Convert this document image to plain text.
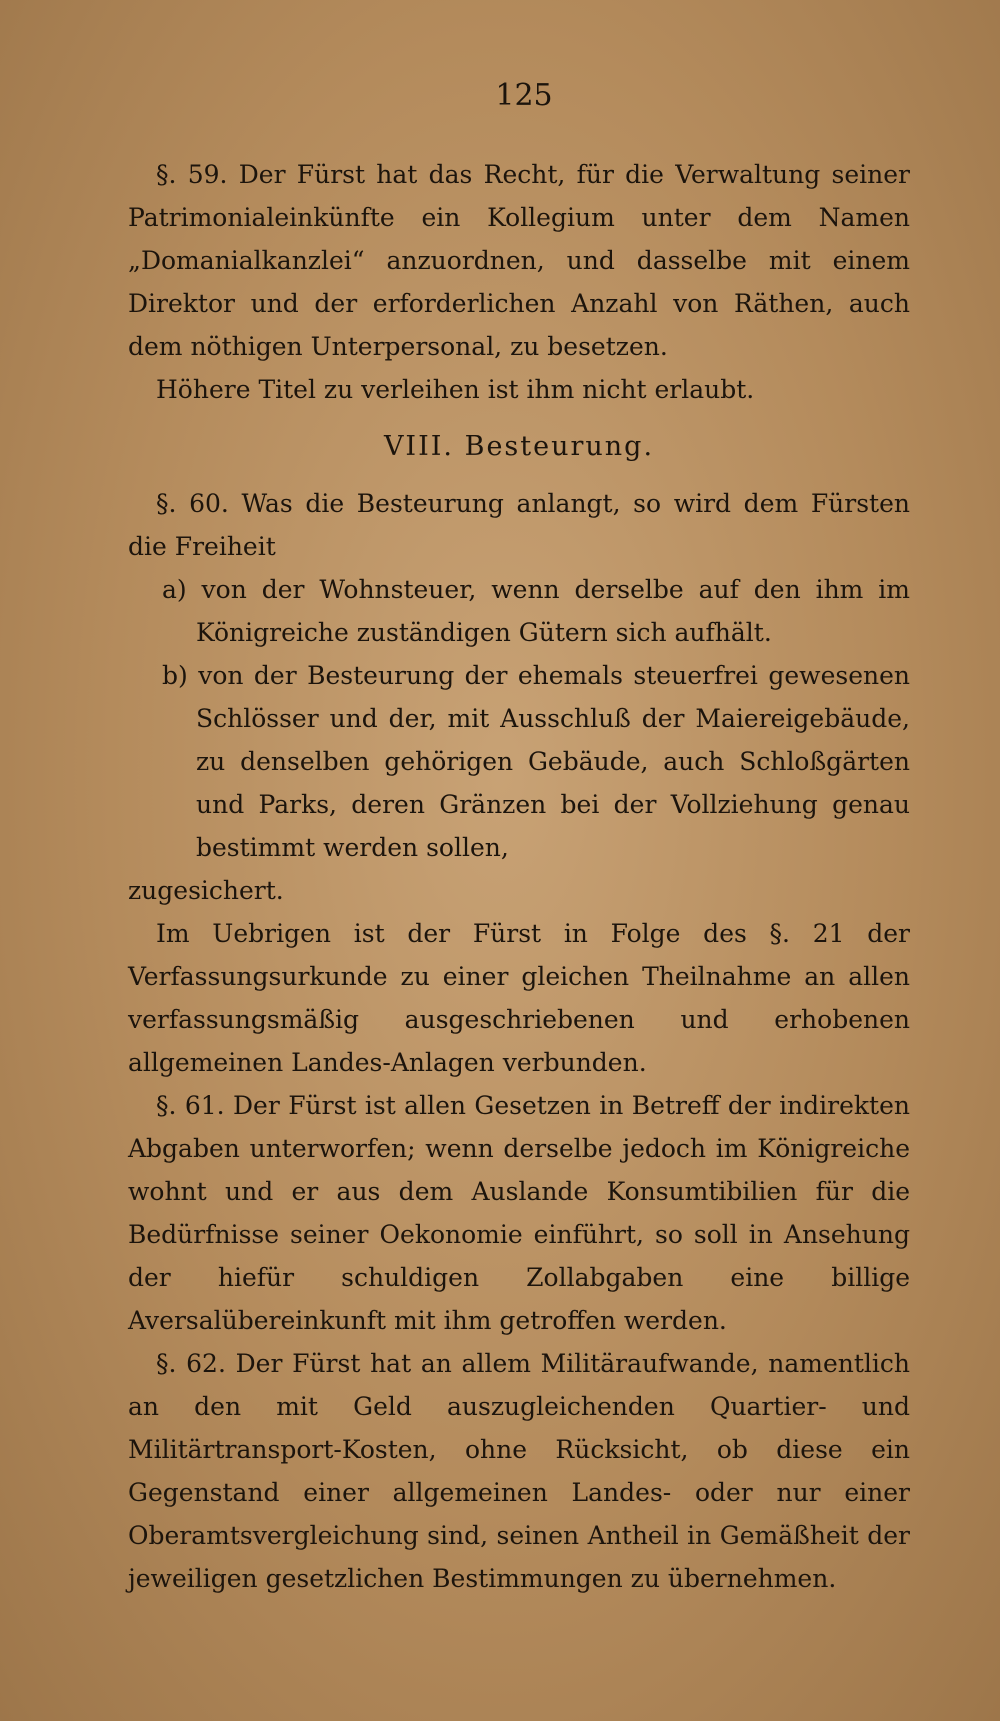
125

§. 59. Der Fürst hat das Recht, für die Verwaltung seiner Patrimonialeinkünfte ein Kollegium unter dem Namen „Domanialkanzlei“ anzuordnen, und dasselbe mit einem Direktor und der erforderlichen Anzahl von Räthen, auch dem nöthigen Unterpersonal, zu besetzen.

Höhere Titel zu verleihen ist ihm nicht erlaubt.

VIII. Besteurung.

§. 60. Was die Besteurung anlangt, so wird dem Fürsten die Freiheit

a) von der Wohnsteuer, wenn derselbe auf den ihm im Königreiche zuständigen Gütern sich aufhält.

b) von der Besteurung der ehemals steuerfrei gewesenen Schlösser und der, mit Ausschluß der Maiereigebäude, zu denselben gehörigen Gebäude, auch Schloßgärten und Parks, deren Gränzen bei der Vollziehung genau bestimmt werden sollen,

zugesichert.

Im Uebrigen ist der Fürst in Folge des §. 21 der Verfassungsurkunde zu einer gleichen Theilnahme an allen verfassungsmäßig ausgeschriebenen und erhobenen allgemeinen Landes-Anlagen verbunden.

§. 61. Der Fürst ist allen Gesetzen in Betreff der indirekten Abgaben unterworfen; wenn derselbe jedoch im Königreiche wohnt und er aus dem Auslande Konsumtibilien für die Bedürfnisse seiner Oekonomie einführt, so soll in Ansehung der hiefür schuldigen Zollabgaben eine billige Aversalübereinkunft mit ihm getroffen werden.

§. 62. Der Fürst hat an allem Militäraufwande, namentlich an den mit Geld auszugleichenden Quartier- und Militärtransport-Kosten, ohne Rücksicht, ob diese ein Gegenstand einer allgemeinen Landes- oder nur einer Oberamtsvergleichung sind, seinen Antheil in Gemäßheit der jeweiligen gesetzlichen Bestimmungen zu übernehmen.
